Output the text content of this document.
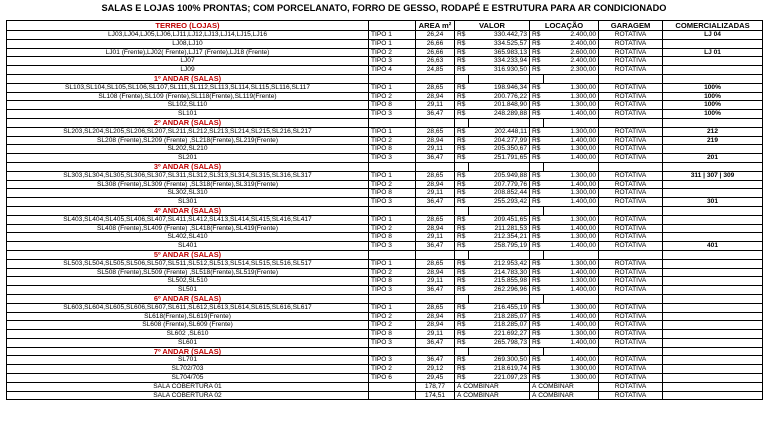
SALAS E LOJAS 100% PRONTAS; COM PORCELANATO, FORRO DE GESSO, RODAPÉ E ESTRUTURA PARA AR CONDICIONADO
TERREO (LOJAS)		AREA m²	VALOR		LOCAÇÃO		GARAGEM	COMERCIALIZADAS
LJ03,LJ04,LJ05,LJ06,LJ11,LJ12,LJ13,LJ14,LJ15,LJ16	TIPO 1	26,24	R$	330.442,73	R$	2.400,00	ROTATIVA	LJ 04
LJ08,LJ10	TIPO 1	26,66	R$	334.525,57	R$	2.400,00	ROTATIVA	
LJ01 (Frente),LJ02( Frente),LJ17 (Frente),LJ18 (Frente)	TIPO 2	26,66	R$	365.983,13	R$	2.600,00	ROTATIVA	LJ 01
LJ07	TIPO 3	26,63	R$	334.233,94	R$	2.400,00	ROTATIVA	
LJ09	TIPO 4	24,85	R$	316.930,50	R$	2.300,00	ROTATIVA	
1º ANDAR (SALAS)								
SL103,SL104,SL105,SL106,SL107,SL111,SL112,SL113,SL114,SL115,SL116,SL117	TIPO 1	28,65	R$	198.946,34	R$	1.300,00	ROTATIVA	100%
SL108 (Frente),SL109 (Frente),SL118(Frente),SL119(Frente)	TIPO 2	28,94	R$	200.776,22	R$	1.300,00	ROTATIVA	100%
SL102,SL110	TIPO 8	29,11	R$	201.848,90	R$	1.300,00	ROTATIVA	100%
SL101	TIPO 3	36,47	R$	248.289,88	R$	1.400,00	ROTATIVA	100%
2º ANDAR (SALAS)								
SL203,SL204,SL205,SL206,SL207,SL211,SL212,SL213,SL214,SL215,SL216,SL217	TIPO 1	28,65	R$	202.448,11	R$	1.300,00	ROTATIVA	212
SL208 (Frente),SL209 (Frente) ,SL218(Frente),SL219(Frente)	TIPO 2	28,94	R$	204.277,99	R$	1.400,00	ROTATIVA	219
SL202,SL210	TIPO 8	29,11	R$	205.350,67	R$	1.300,00	ROTATIVA	
SL201	TIPO 3	36,47	R$	251.791,65	R$	1.400,00	ROTATIVA	201
3º ANDAR (SALAS)								
SL303,SL304,SL305,SL306,SL307,SL311,SL312,SL313,SL314,SL315,SL316,SL317	TIPO 1	28,65	R$	205.949,88	R$	1.300,00	ROTATIVA	311 | 307 | 309
SL308 (Frente),SL309 (Frente) ,SL318(Frente),SL319(Frente)	TIPO 2	28,94	R$	207.779,76	R$	1.400,00	ROTATIVA	
SL302,SL310	TIPO 8	29,11	R$	208.852,44	R$	1.300,00	ROTATIVA	
SL301	TIPO 3	36,47	R$	255.293,42	R$	1.400,00	ROTATIVA	301
4º ANDAR (SALAS)								
SL403,SL404,SL405,SL406,SL407,SL411,SL412,SL413,SL414,SL415,SL416,SL417	TIPO 1	28,65	R$	209.451,65	R$	1.300,00	ROTATIVA	
SL408 (Frente),SL409 (Frente) ,SL418(Frente),SL419(Frente)	TIPO 2	28,94	R$	211.281,53	R$	1.400,00	ROTATIVA	
SL402,SL410	TIPO 8	29,11	R$	212.354,21	R$	1.300,00	ROTATIVA	
SL401	TIPO 3	36,47	R$	258.795,19	R$	1.400,00	ROTATIVA	401
5º ANDAR (SALAS)								
SL503,SL504,SL505,SL506,SL507,SL511,SL512,SL513,SL514,SL515,SL516,SL517	TIPO 1	28,65	R$	212.953,42	R$	1.300,00	ROTATIVA	
SL508 (Frente),SL509 (Frente) ,SL518(Frente),SL519(Frente)	TIPO 2	28,94	R$	214.783,30	R$	1.400,00	ROTATIVA	
SL502,SL510	TIPO 8	29,11	R$	215.855,98	R$	1.300,00	ROTATIVA	
SL501	TIPO 3	36,47	R$	262.296,96	R$	1.400,00	ROTATIVA	
6º ANDAR (SALAS)								
SL603,SL604,SL605,SL606,SL607,SL611,SL612,SL613,SL614,SL615,SL616,SL617	TIPO 1	28,65	R$	216.455,19	R$	1.300,00	ROTATIVA	
SL618(Frente),SL619(Frente)	TIPO 2	28,94	R$	218.285,07	R$	1.400,00	ROTATIVA	
SL608 (Frente),SL609 (Frente)	TIPO 2	28,94	R$	218.285,07	R$	1.400,00	ROTATIVA	
SL602 ,SL610	TIPO 8	29,11	R$	221.692,27	R$	1.300,00	ROTATIVA	
SL601	TIPO 3	36,47	R$	265.798,73	R$	1.400,00	ROTATIVA	
7º ANDAR (SALAS)								
SL701	TIPO 3	36,47	R$	269.300,50	R$	1.400,00	ROTATIVA	
SL702/703	TIPO 2	29,12	R$	218.619,74	R$	1.300,00	ROTATIVA	
SL704/705	TIPO 6	29,45	R$	221.097,23	R$	1.300,00	ROTATIVA	
SALA COBERTURA 01		178,77	À COMBINAR		À COMBINAR		ROTATIVA	
SALA COBERTURA 02		174,51	À COMBINAR		À COMBINAR		ROTATIVA	
